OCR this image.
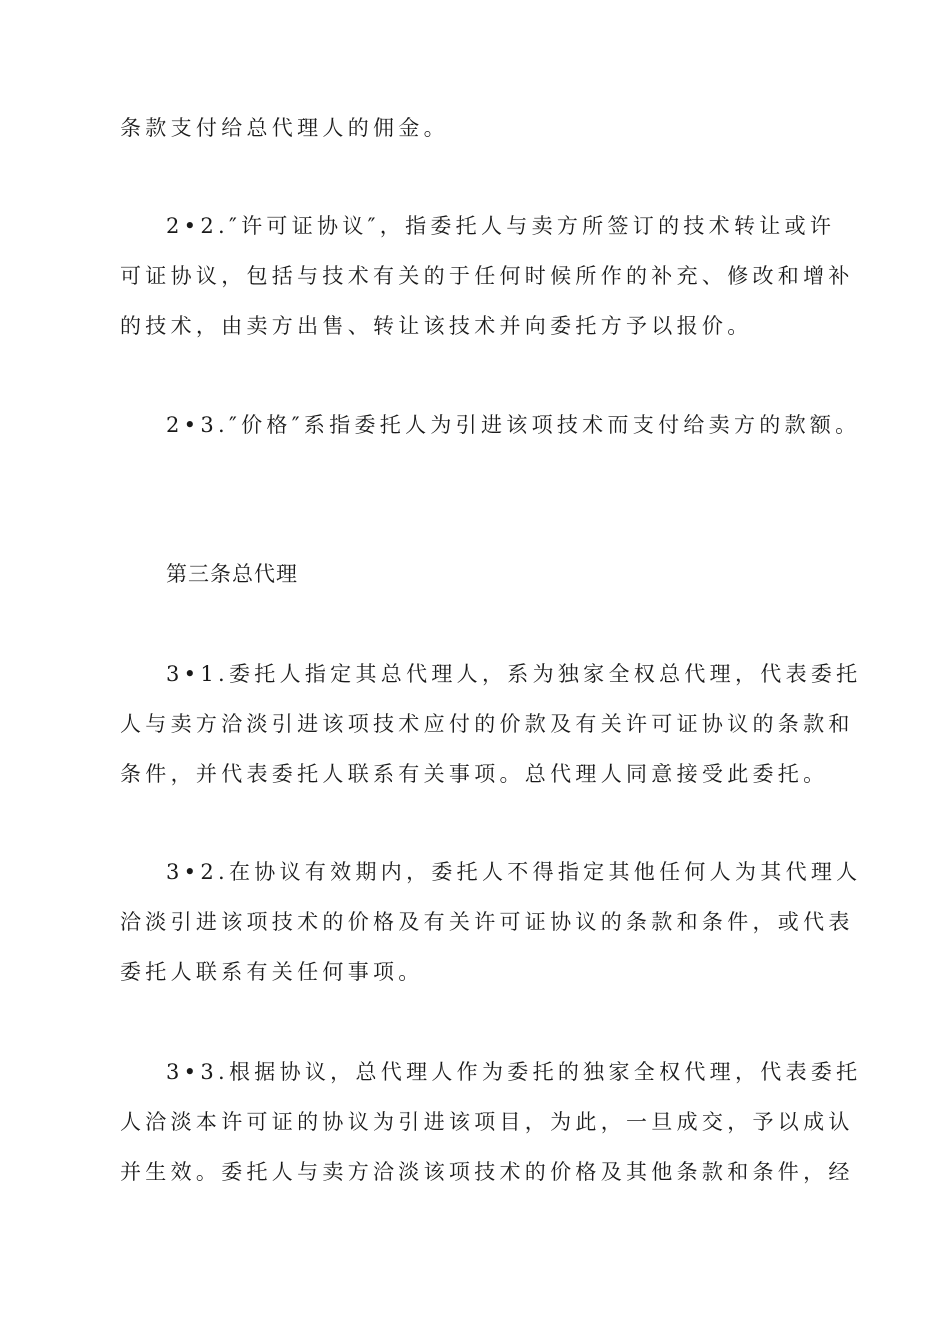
条款支付给总代理人的佣金。
2•2.″许可证协议″，指委托人与卖方所签订的技术转让或许
可证协议，包括与技术有关的于任何时候所作的补充、修改和增补
的技术，由卖方出售、转让该技术并向委托方予以报价。
2•3.″价格″系指委托人为引进该项技术而支付给卖方的款额。
第三条总代理
3•1.委托人指定其总代理人，系为独家全权总代理，代表委托
人与卖方洽淡引进该项技术应付的价款及有关许可证协议的条款和
条件，并代表委托人联系有关事项。总代理人同意接受此委托。
3•2.在协议有效期内，委托人不得指定其他任何人为其代理人
洽淡引进该项技术的价格及有关许可证协议的条款和条件，或代表
委托人联系有关任何事项。
3•3.根据协议，总代理人作为委托的独家全权代理，代表委托
人洽淡本许可证的协议为引进该项目，为此，一旦成交，予以成认
并生效。委托人与卖方洽淡该项技术的价格及其他条款和条件，经
